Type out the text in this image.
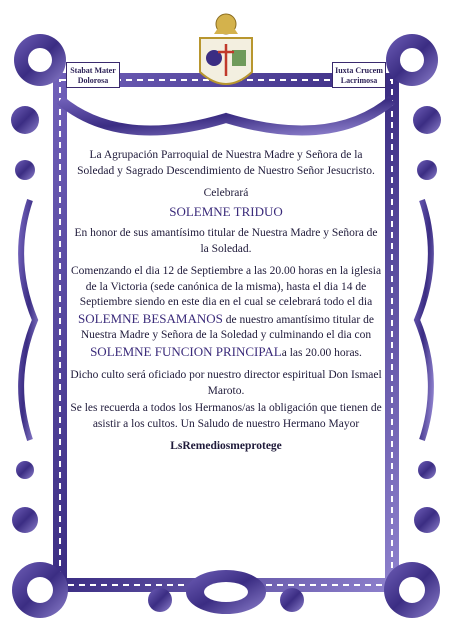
Stabat Mater
Dolorosa
Iuxta Crucem
Lacrimosa

La Agrupación Parroquial de Nuestra Madre y Señora de la Soledad y Sagrado Descendimiento de Nuestro Señor Jesucristo.

Celebrará

SOLEMNE TRIDUO

En honor de sus amantísimo titular de Nuestra Madre y Señora de la Soledad.

Comenzando el dia 12 de Septiembre a las 20.00 horas en la iglesia de la Victoria (sede canónica de la misma), hasta el dia 14 de Septiembre siendo en este dia en el cual se celebrará todo el dia SOLEMNE BESAMANOS de nuestro amantísimo titular de Nuestra Madre y Señora de la Soledad y culminando el dia con SOLEMNE FUNCION PRINCIPALa las 20.00 horas.

Dicho culto será oficiado por nuestro director espiritual Don Ismael Maroto.

Se les recuerda a todos los Hermanos/as la obligación que tienen de asistir a los cultos. Un Saludo de nuestro Hermano Mayor

LsRemediosmeprotege
